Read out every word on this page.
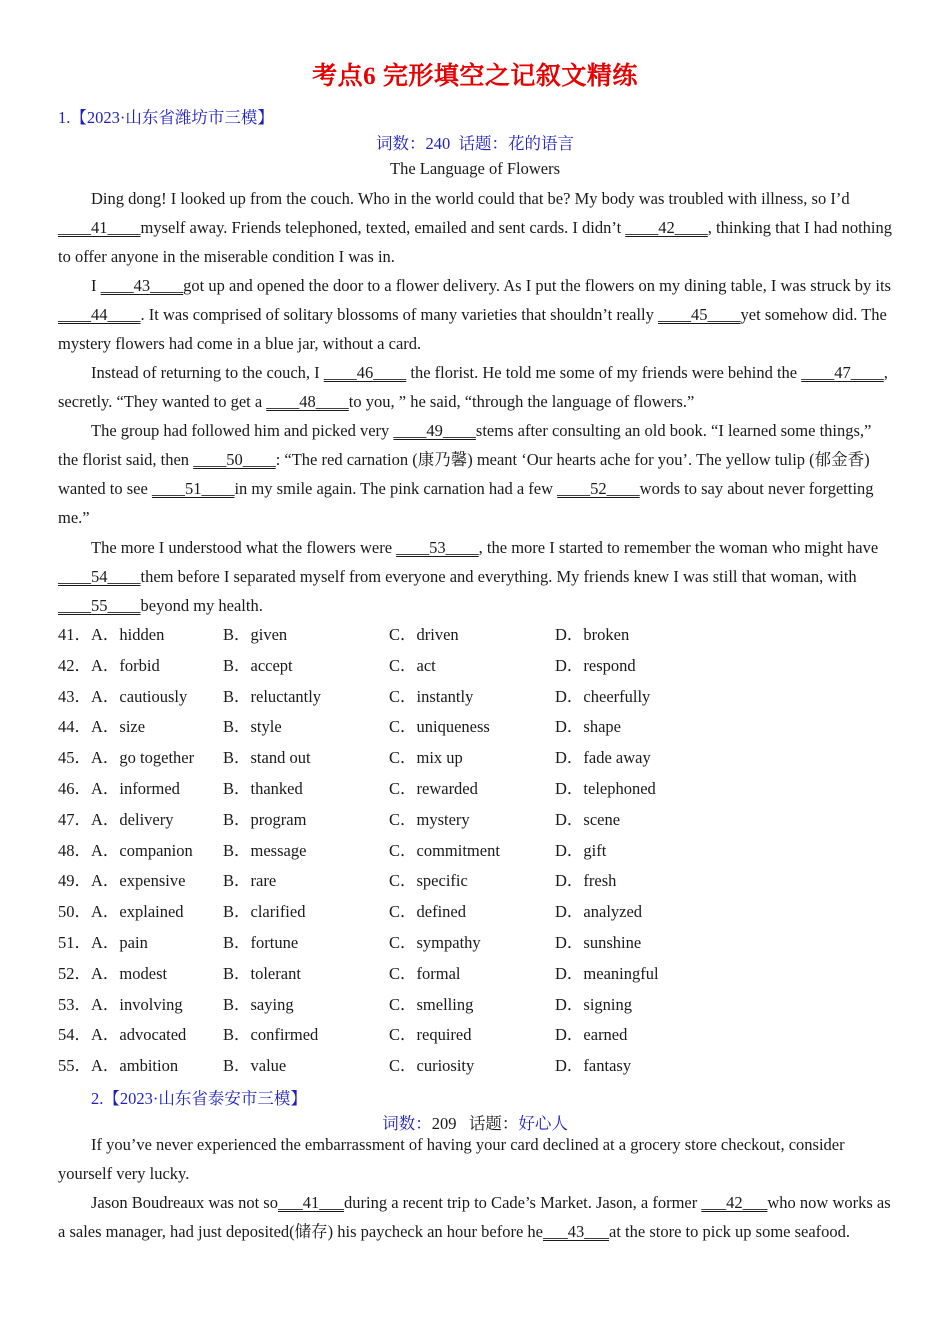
考点6 完形填空之记叙文精练
1.【2023·山东省潍坊市三模】
词数：240 话题：花的语言
The Language of Flowers
Ding dong! I looked up from the couch. Who in the world could that be? My body was troubled with illness, so I’d ____41____myself away. Friends telephoned, texted, emailed and sent cards. I didn’t ____42____, thinking that I had nothing to offer anyone in the miserable condition I was in.
I ____43____got up and opened the door to a flower delivery. As I put the flowers on my dining table, I was struck by its ____44____. It was comprised of solitary blossoms of many varieties that shouldn’t really ____45____yet somehow did. The mystery flowers had come in a blue jar, without a card.
Instead of returning to the couch, I ____46____ the florist. He told me some of my friends were behind the ____47____, secretly. “They wanted to get a ____48____to you, ” he said, “through the language of flowers.”
The group had followed him and picked very ____49____stems after consulting an old book. “I learned some things,” the florist said, then ____50____: “The red carnation (康乃馨) meant ‘Our hearts ache for you’. The yellow tulip (郁金香) wanted to see ____51____in my smile again. The pink carnation had a few ____52____words to say about never forgetting me.”
The more I understood what the flowers were ____53____, the more I started to remember the woman who might have ____54____them before I separated myself from everyone and everything. My friends knew I was still that woman, with ____55____beyond my health.
41． A．hidden	B．given	C．driven	D．broken
42． A．forbid	B．accept	C．act	D．respond
43． A．cautiously B．reluctantly	C．instantly	D．cheerfully
44． A．size	B．style	C．uniqueness	D．shape
45． A．go together B．stand out	C．mix up	D．fade away
46． A．informed	B．thanked	C．rewarded	D．telephoned
47． A．delivery	B．program	C．mystery	D．scene
48． A．companion B．message	C．commitment	D．gift
49． A．expensive B．rare	C．specific	D．fresh
50． A．explained B．clarified	C．defined	D．analyzed
51． A．pain	B．fortune	C．sympathy	D．sunshine
52． A．modest	B．tolerant	C．formal	D．meaningful
53． A．involving B．saying	C．smelling	D．signing
54． A．advocated B．confirmed	C．required	D．earned
55． A．ambition	B．value	C．curiosity	D．fantasy
2.【2023·山东省泰安市三模】
词数：209 话题：好心人
If you’ve never experienced the embarrassment of having your card declined at a grocery store checkout, consider yourself very lucky.
Jason Boudreaux was not so___41___during a recent trip to Cade’s Market. Jason, a former ___42___who now works as a sales manager, had just deposited(储存) his paycheck an hour before he___43___at the store to pick up some seafood.
